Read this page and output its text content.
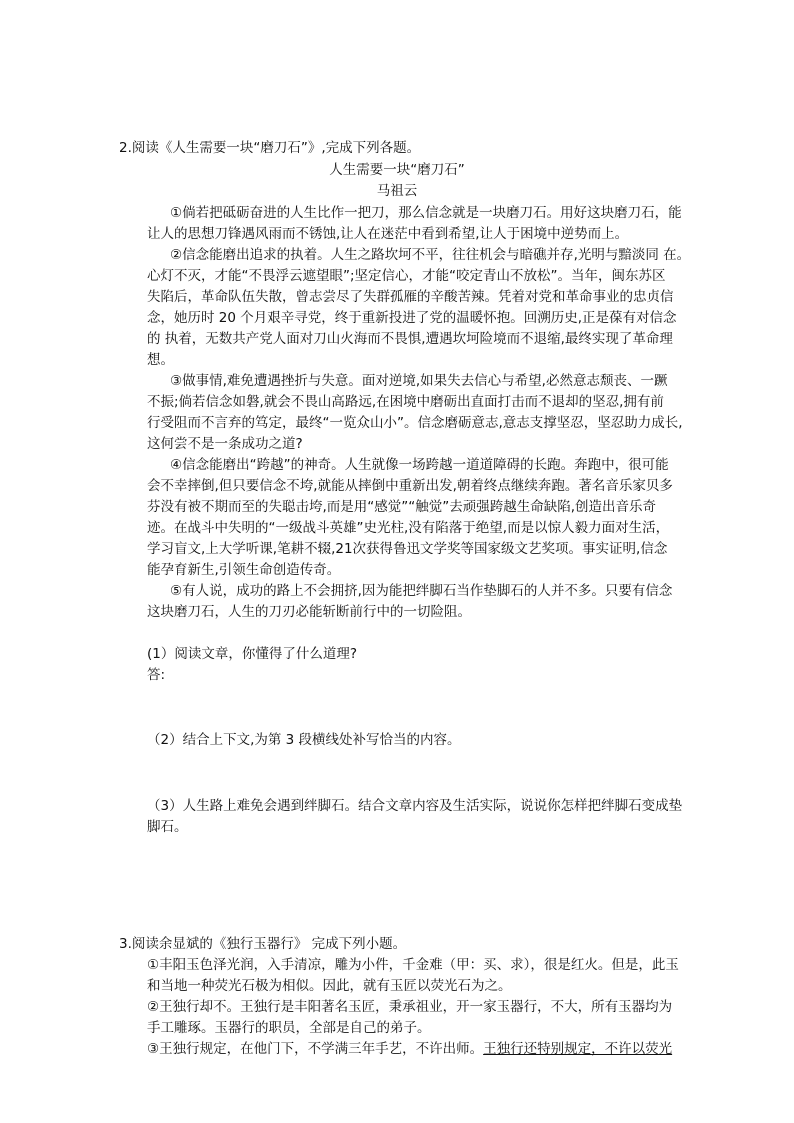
2.阅读《人生需要一块“磨刀石”》,完成下列各题。
人生需要一块“磨刀石”
马祖云
①倘若把砥砺奋进的人生比作一把刀，那么信念就是一块磨刀石。用好这块磨刀石，能
让人的思想刀锋遇风雨而不锈蚀,让人在迷茫中看到希望,让人于困境中逆势而上。
②信念能磨出追求的执着。人生之路坎坷不平，往往机会与暗礁并存,光明与黯淡同 在。
心灯不灭，才能“不畏浮云遮望眼”;坚定信心，才能“咬定青山不放松”。当年，闽东苏区
失陷后，革命队伍失散，曾志尝尽了失群孤雁的辛酸苦辣。凭着对党和革命事业的忠贞信
念，她历时 20 个月艰辛寻党，终于重新投进了党的温暖怀抱。回溯历史,正是葆有对信念
的 执着，无数共产党人面对刀山火海而不畏惧,遭遇坎坷险境而不退缩,最终实现了革命理
想。
③做事情,难免遭遇挫折与失意。面对逆境,如果失去信心与希望,必然意志颓丧、一蹶
不振;倘若信念如磐,就会不畏山高路远,在困境中磨砺出直面打击而不退却的坚忍,拥有前
行受阻而不言弃的笃定，最终“一览众山小”。信念磨砺意志,意志支撑坚忍，坚忍助力成长,
这何尝不是一条成功之道?
④信念能磨出“跨越”的神奇。人生就像一场跨越一道道障碍的长跑。奔跑中，很可能
会不幸摔倒,但只要信念不垮,就能从摔倒中重新出发,朝着终点继续奔跑。著名音乐家贝多
芬没有被不期而至的失聪击垮,而是用“感觉”“触觉”去顽强跨越生命缺陷,创造出音乐奇
迹。在战斗中失明的“一级战斗英雄”史光柱,没有陷落于绝望,而是以惊人毅力面对生活，
学习盲文,上大学听课,笔耕不辍,21次获得鲁迅文学奖等国家级文艺奖项。事实证明,信念
能孕育新生,引领生命创造传奇。
⑤有人说，成功的路上不会拥挤,因为能把绊脚石当作垫脚石的人并不多。只要有信念
这块磨刀石，人生的刀刃必能斩断前行中的一切险阻。
(1）阅读文章，你懂得了什么道理?
答:
（2）结合上下文,为第 3 段横线处补写恰当的内容。
（3）人生路上难免会遇到绊脚石。结合文章内容及生活实际，说说你怎样把绊脚石变成垫
脚石。
3.阅读余显斌的《独行玉器行》 完成下列小题。
①丰阳玉色泽光润，入手清凉，雕为小件，千金难（甲：买、求），很是红火。但是，此玉
和当地一种荧光石极为相似。因此，就有玉匠以荧光石为之。
②王独行却不。王独行是丰阳著名玉匠，秉承祖业，开一家玉器行，不大，所有玉器均为
手工雕琢。玉器行的职员，全部是自己的弟子。
③王独行规定，在他门下，不学满三年手艺，不许出师。王独行还特别规定，不许以荧光
